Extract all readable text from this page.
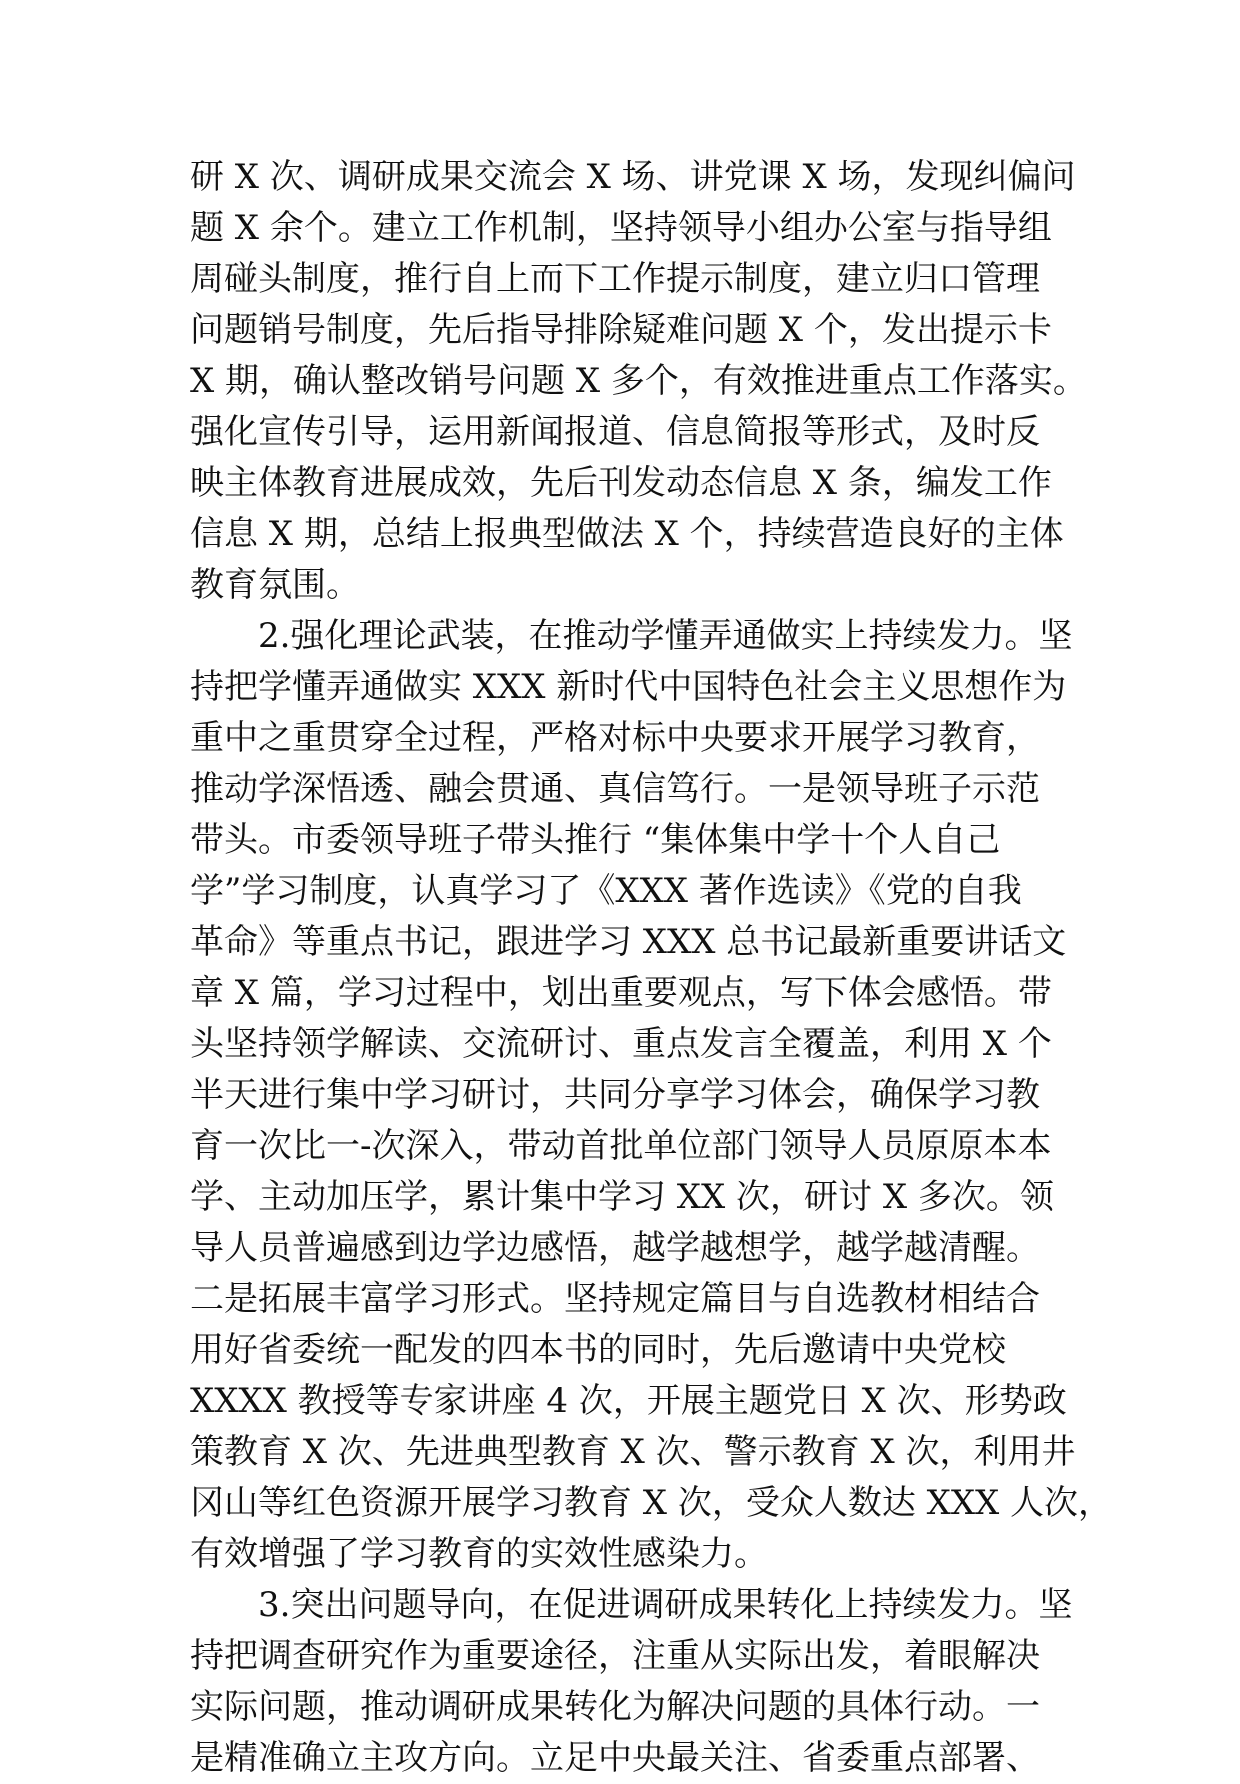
研 X 次、调研成果交流会 X 场、讲党课 X 场，发现纠偏问
题 X 余个。建立工作机制，坚持领导小组办公室与指导组
周碰头制度，推行自上而下工作提示制度，建立归口管理
问题销号制度，先后指导排除疑难问题 X 个，发出提示卡
X 期，确认整改销号问题 X 多个，有效推进重点工作落实。
强化宣传引导，运用新闻报道、信息简报等形式，及时反
映主体教育进展成效，先后刊发动态信息 X 条，编发工作
信息 X 期，总结上报典型做法 X 个，持续营造良好的主体
教育氛围。
2.强化理论武装，在推动学懂弄通做实上持续发力。坚
持把学懂弄通做实 XXX 新时代中国特色社会主义思想作为
重中之重贯穿全过程，严格对标中央要求开展学习教育，
推动学深悟透、融会贯通、真信笃行。一是领导班子示范
带头。市委领导班子带头推行 “集体集中学十个人自己
学”学习制度，认真学习了《XXX 著作选读》《党的自我
革命》等重点书记，跟进学习 XXX 总书记最新重要讲话文
章 X 篇，学习过程中，划出重要观点，写下体会感悟。带
头坚持领学解读、交流研讨、重点发言全覆盖，利用 X 个
半天进行集中学习研讨，共同分享学习体会，确保学习教
育一次比一-次深入，带动首批单位部门领导人员原原本本
学、主动加压学，累计集中学习 XX 次，研讨 X 多次。领
导人员普遍感到边学边感悟，越学越想学，越学越清醒。
二是拓展丰富学习形式。坚持规定篇目与自选教材相结合
用好省委统一配发的四本书的同时，先后邀请中央党校
XXXX 教授等专家讲座 4 次，开展主题党日 X 次、形势政
策教育 X 次、先进典型教育 X 次、警示教育 X 次，利用井
冈山等红色资源开展学习教育 X 次，受众人数达 XXX 人次，
有效增强了学习教育的实效性感染力。
3.突出问题导向，在促进调研成果转化上持续发力。坚
持把调查研究作为重要途径，注重从实际出发，着眼解决
实际问题，推动调研成果转化为解决问题的具体行动。一
是精准确立主攻方向。立足中央最关注、省委重点部署、
